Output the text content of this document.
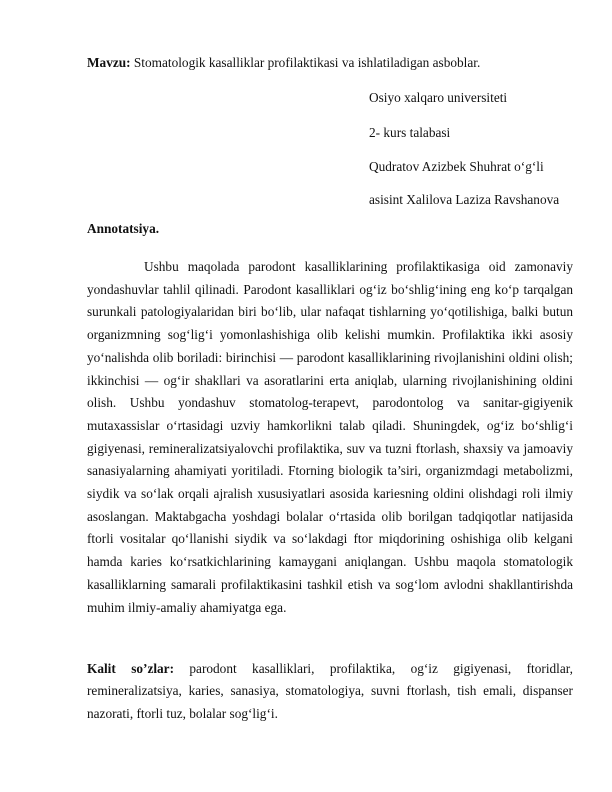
Mavzu: Stomatologik kasalliklar profilaktikasi va ishlatiladigan asboblar.
Osiyo xalqaro universiteti
2- kurs talabasi
Qudratov Azizbek Shuhrat o‘g‘li
asisint Xalilova Laziza Ravshanova
Annotatsiya.

Ushbu maqolada parodont kasalliklarining profilaktikasiga oid zamonaviy yondashuvlar tahlil qilinadi. Parodont kasalliklari og‘iz bo‘shlig‘ining eng ko‘p tarqalgan surunkali patologiyalaridan biri bo‘lib, ular nafaqat tishlarning yo‘qotilishiga, balki butun organizmning sog‘lig‘i yomonlashishiga olib kelishi mumkin. Profilaktika ikki asosiy yo‘nalishda olib boriladi: birinchisi — parodont kasalliklarining rivojlanishini oldini olish; ikkinchisi — og‘ir shakllari va asoratlarini erta aniqlab, ularning rivojlanishining oldini olish. Ushbu yondashuv stomatolog-terapevt, parodontolog va sanitar-gigiyenik mutaxassislar o‘rtasidagi uzviy hamkorlikni talab qiladi. Shuningdek, og‘iz bo‘shlig‘i gigiyenasi, remineralizatsiyalovchi profilaktika, suv va tuzni ftorlash, shaxsiy va jamoaviy sanasiyalarning ahamiyati yoritiladi. Ftorning biologik ta’siri, organizmdagi metabolizmi, siydik va so‘lak orqali ajralish xususiyatlari asosida kariesning oldini olishdagi roli ilmiy asoslangan. Maktabgacha yoshdagi bolalar o‘rtasida olib borilgan tadqiqotlar natijasida ftorli vositalar qo‘llanishi siydik va so‘lakdagi ftor miqdorining oshishiga olib kelgani hamda karies ko‘rsatkichlarining kamaygani aniqlangan. Ushbu maqola stomatologik kasalliklarning samarali profilaktikasini tashkil etish va sog‘lom avlodni shakllantirishda muhim ilmiy-amaliy ahamiyatga ega.

Kalit so’zlar: parodont kasalliklari, profilaktika, og‘iz gigiyenasi, ftoridlar, remineralizatsiya, karies, sanasiya, stomatologiya, suvni ftorlash, tish emali, dispanser nazorati, ftorli tuz, bolalar sog‘lig‘i.
